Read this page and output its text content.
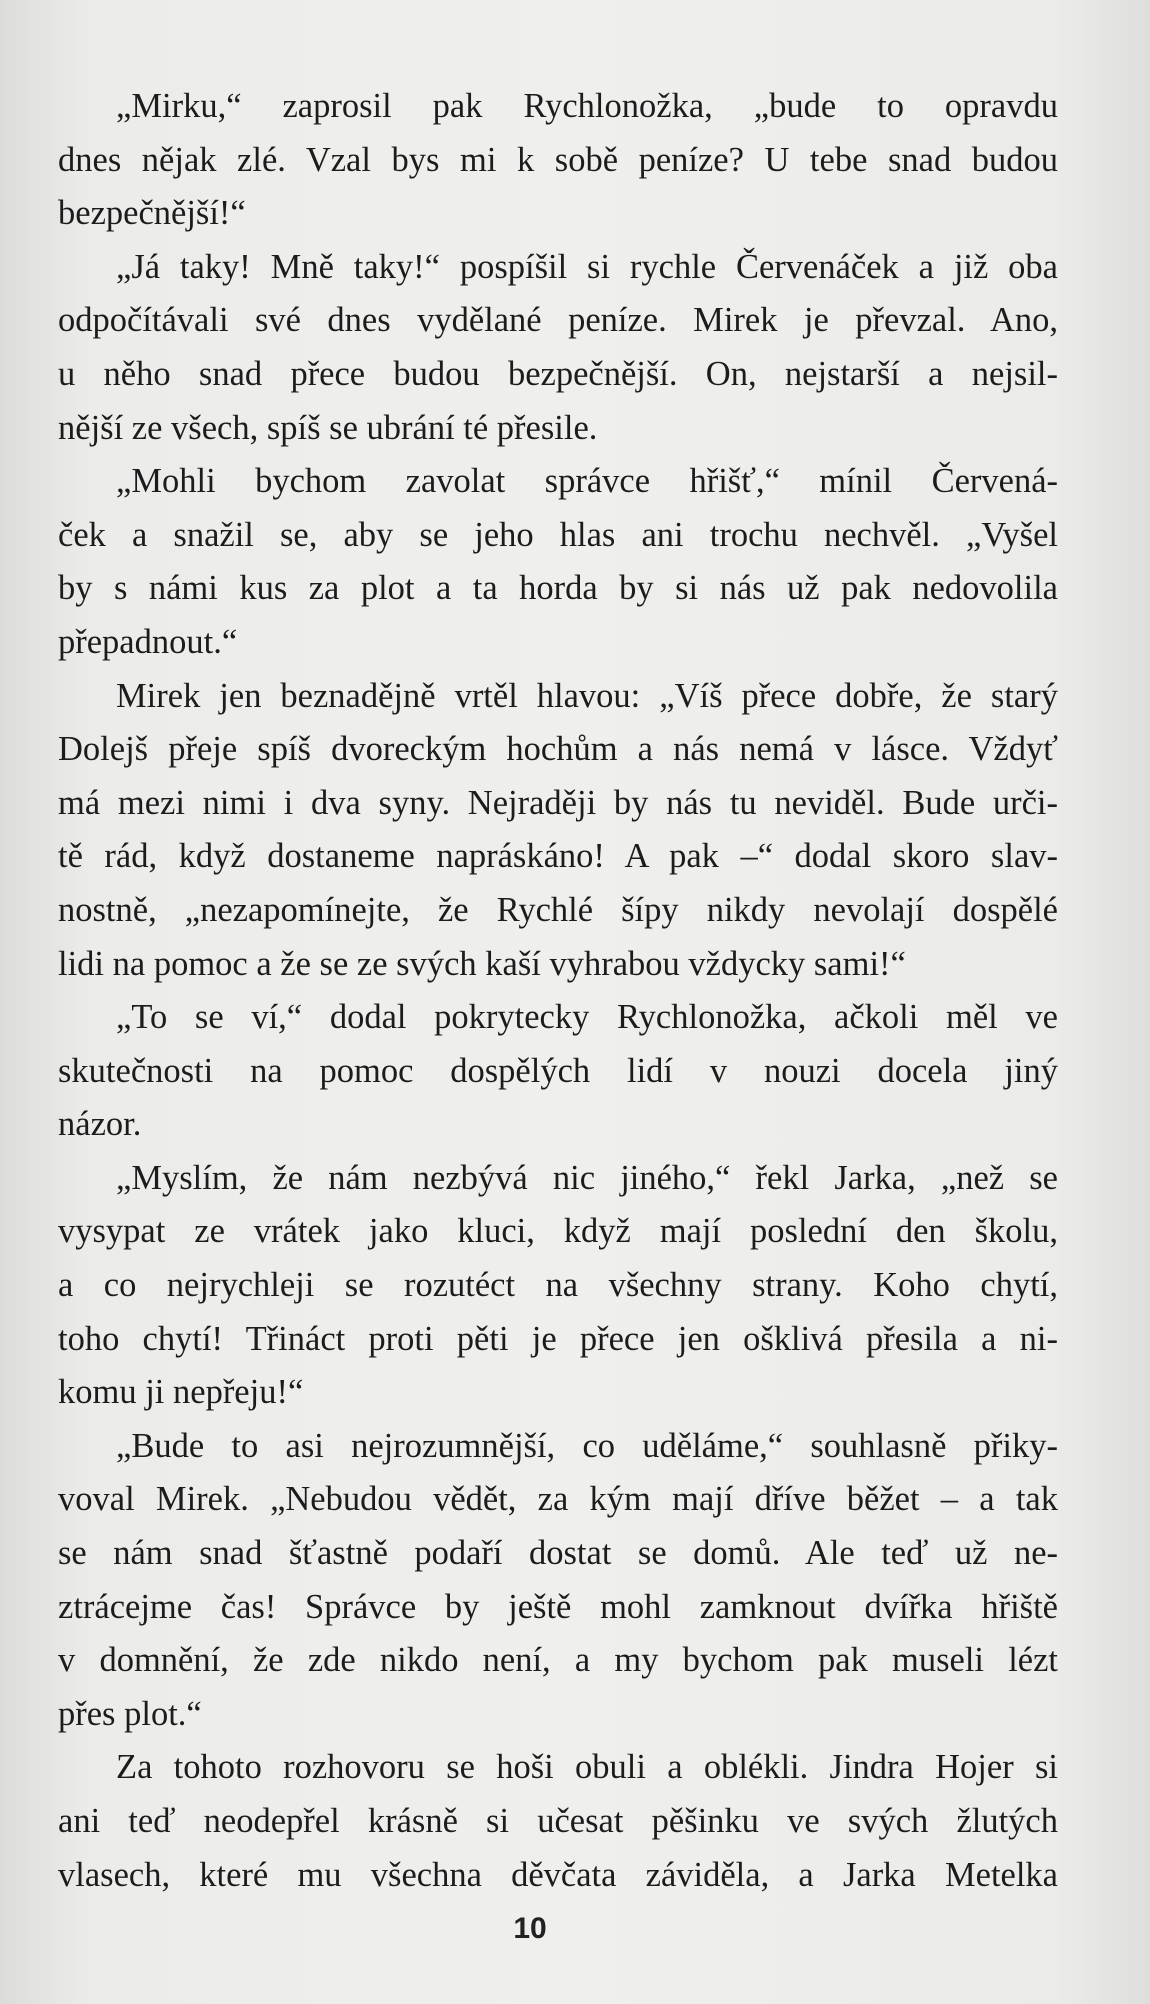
„Mirku,“ zaprosil pak Rychlonožka, „bude to opravdu
dnes nějak zlé. Vzal bys mi k sobě peníze? U tebe snad budou
bezpečnější!“
„Já taky! Mně taky!“ pospíšil si rychle Červenáček a již oba
odpočítávali své dnes vydělané peníze. Mirek je převzal. Ano,
u něho snad přece budou bezpečnější. On, nejstarší a nejsil-
nější ze všech, spíš se ubrání té přesile.
„Mohli bychom zavolat správce hřišť,“ mínil Červená-
ček a snažil se, aby se jeho hlas ani trochu nechvěl. „Vyšel
by s námi kus za plot a ta horda by si nás už pak nedovolila
přepadnout.“
Mirek jen beznadějně vrtěl hlavou: „Víš přece dobře, že starý
Dolejš přeje spíš dvoreckým hochům a nás nemá v lásce. Vždyť
má mezi nimi i dva syny. Nejraději by nás tu neviděl. Bude urči-
tě rád, když dostaneme napráskáno! A pak –“ dodal skoro slav-
nostně, „nezapomínejte, že Rychlé šípy nikdy nevolají dospělé
lidi na pomoc a že se ze svých kaší vyhrabou vždycky sami!“
„To se ví,“ dodal pokrytecky Rychlonožka, ačkoli měl ve
skutečnosti na pomoc dospělých lidí v nouzi docela jiný
názor.
„Myslím, že nám nezbývá nic jiného,“ řekl Jarka, „než se
vysypat ze vrátek jako kluci, když mají poslední den školu,
a co nejrychleji se rozutéct na všechny strany. Koho chytí,
toho chytí! Třináct proti pěti je přece jen ošklivá přesila a ni-
komu ji nepřeju!“
„Bude to asi nejrozumnější, co uděláme,“ souhlasně přiky-
voval Mirek. „Nebudou vědět, za kým mají dříve běžet – a tak
se nám snad šťastně podaří dostat se domů. Ale teď už ne-
ztrácejme čas! Správce by ještě mohl zamknout dvířka hřiště
v domnění, že zde nikdo není, a my bychom pak museli lézt
přes plot.“
Za tohoto rozhovoru se hoši obuli a oblékli. Jindra Hojer si
ani teď neodepřel krásně si učesat pěšinku ve svých žlutých
vlasech, které mu všechna děvčata záviděla, a Jarka Metelka
10
